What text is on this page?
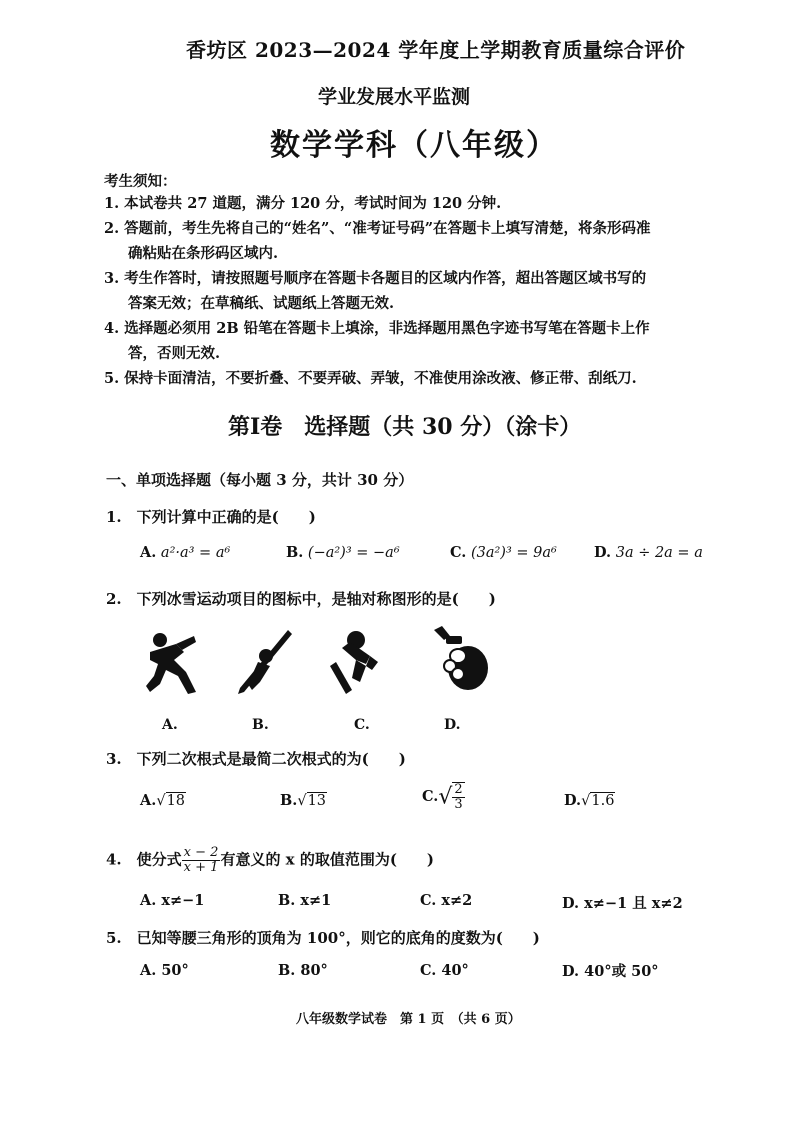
香坊区 2023—2024 学年度上学期教育质量综合评价
学业发展水平监测
数学学科（八年级）
考生须知：
1. 本试卷共 27 道题，满分 120 分，考试时间为 120 分钟.
2. 答题前，考生先将自己的“姓名”、“准考证号码”在答题卡上填写清楚，将条形码准
确粘贴在条形码区域内.
3. 考生作答时，请按照题号顺序在答题卡各题目的区域内作答，超出答题区域书写的
答案无效；在草稿纸、试题纸上答题无效.
4. 选择题必须用 2B 铅笔在答题卡上填涂，非选择题用黑色字迹书写笔在答题卡上作
答，否则无效.
5. 保持卡面清洁，不要折叠、不要弄破、弄皱，不准使用涂改液、修正带、刮纸刀.
第Ⅰ卷　选择题（共 30 分）（涂卡）
一、单项选择题（每小题 3 分，共计 30 分）
1.　下列计算中正确的是(　　)
A. a²·a³ = a⁶	B. (−a²)³ = −a⁶	C. (3a²)³ = 9a⁶	D. 3a ÷ 2a = a
2.　下列冰雪运动项目的图标中，是轴对称图形的是(　　)
A.	B.	C.	D.
3.　下列二次根式是最简二次根式的为(　　)
A.√18	B.√13	$C.√ \frac{2}{3}$	D.√1.6
4.　使分式 $\frac{x - 2}{x + 1}$ 有意义的 x 的取值范围为(　　)
A. x≠−1	B. x≠1	C. x≠2	D. x≠−1 且 x≠2
5.　已知等腰三角形的顶角为 100°，则它的底角的度数为(　　)
A. 50°	B. 80°	C. 40°	D. 40°或 50°
八年级数学试卷　第 1 页　（共 6 页）
